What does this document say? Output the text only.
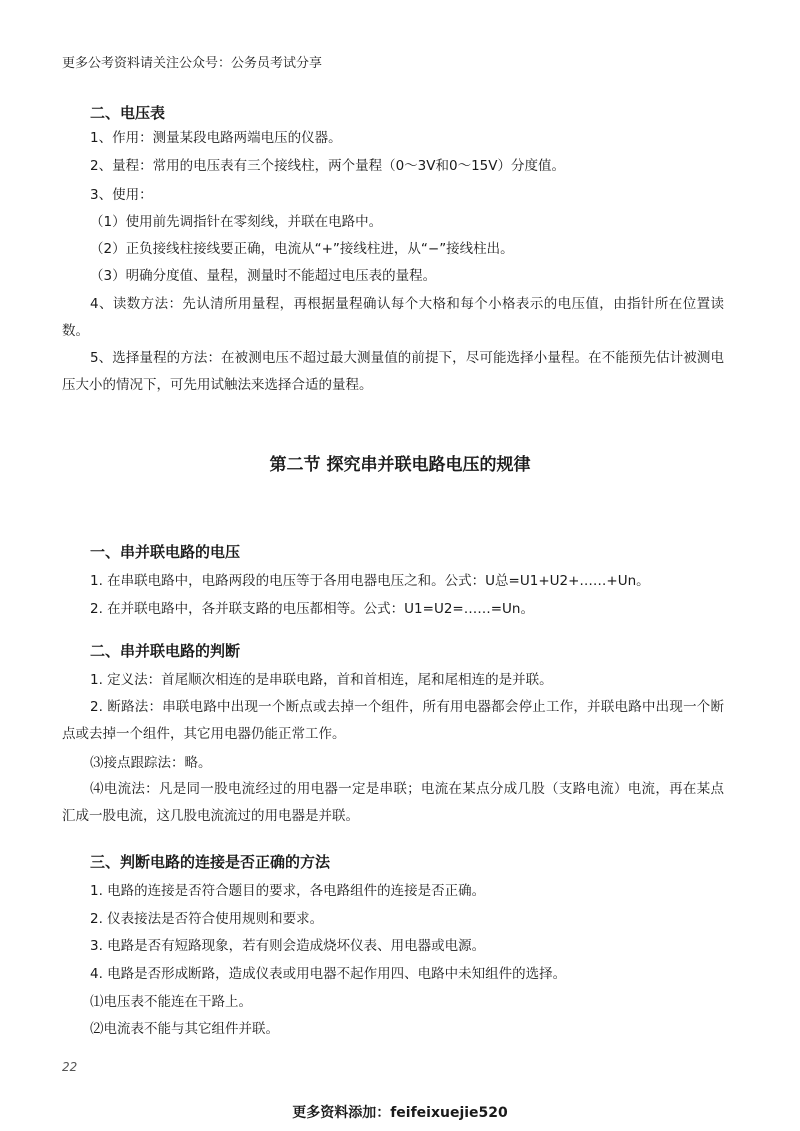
更多公考资料请关注公众号：公务员考试分享
二、电压表
1、作用：测量某段电路两端电压的仪器。
2、量程：常用的电压表有三个接线柱，两个量程（0～3V和0～15V）分度值。
3、使用：
（1）使用前先调指针在零刻线，并联在电路中。
（2）正负接线柱接线要正确，电流从“+”接线柱进，从“−”接线柱出。
（3）明确分度值、量程，测量时不能超过电压表的量程。

4、读数方法：先认清所用量程，再根据量程确认每个大格和每个小格表示的电压值，由指针所在位置读数。

5、选择量程的方法：在被测电压不超过最大测量值的前提下，尽可能选择小量程。在不能预先估计被测电压大小的情况下，可先用试触法来选择合适的量程。

第二节 探究串并联电路电压的规律
一、串并联电路的电压
1. 在串联电路中，电路两段的电压等于各用电器电压之和。公式：U总=U1+U2+……+Un。
2. 在并联电路中，各并联支路的电压都相等。公式：U1=U2=……=Un。
二、串并联电路的判断
1. 定义法：首尾顺次相连的是串联电路，首和首相连，尾和尾相连的是并联。

2. 断路法：串联电路中出现一个断点或去掉一个组件，所有用电器都会停止工作，并联电路中出现一个断点或去掉一个组件，其它用电器仍能正常工作。

⑶接点跟踪法：略。

⑷电流法：凡是同一股电流经过的用电器一定是串联；电流在某点分成几股（支路电流）电流，再在某点汇成一股电流，这几股电流流过的用电器是并联。

三、判断电路的连接是否正确的方法
1. 电路的连接是否符合题目的要求，各电路组件的连接是否正确。
2. 仪表接法是否符合使用规则和要求。
3. 电路是否有短路现象，若有则会造成烧坏仪表、用电器或电源。
4. 电路是否形成断路，造成仪表或用电器不起作用四、电路中未知组件的选择。
⑴电压表不能连在干路上。
⑵电流表不能与其它组件并联。
22
更多资料添加：feifeixuejie520
